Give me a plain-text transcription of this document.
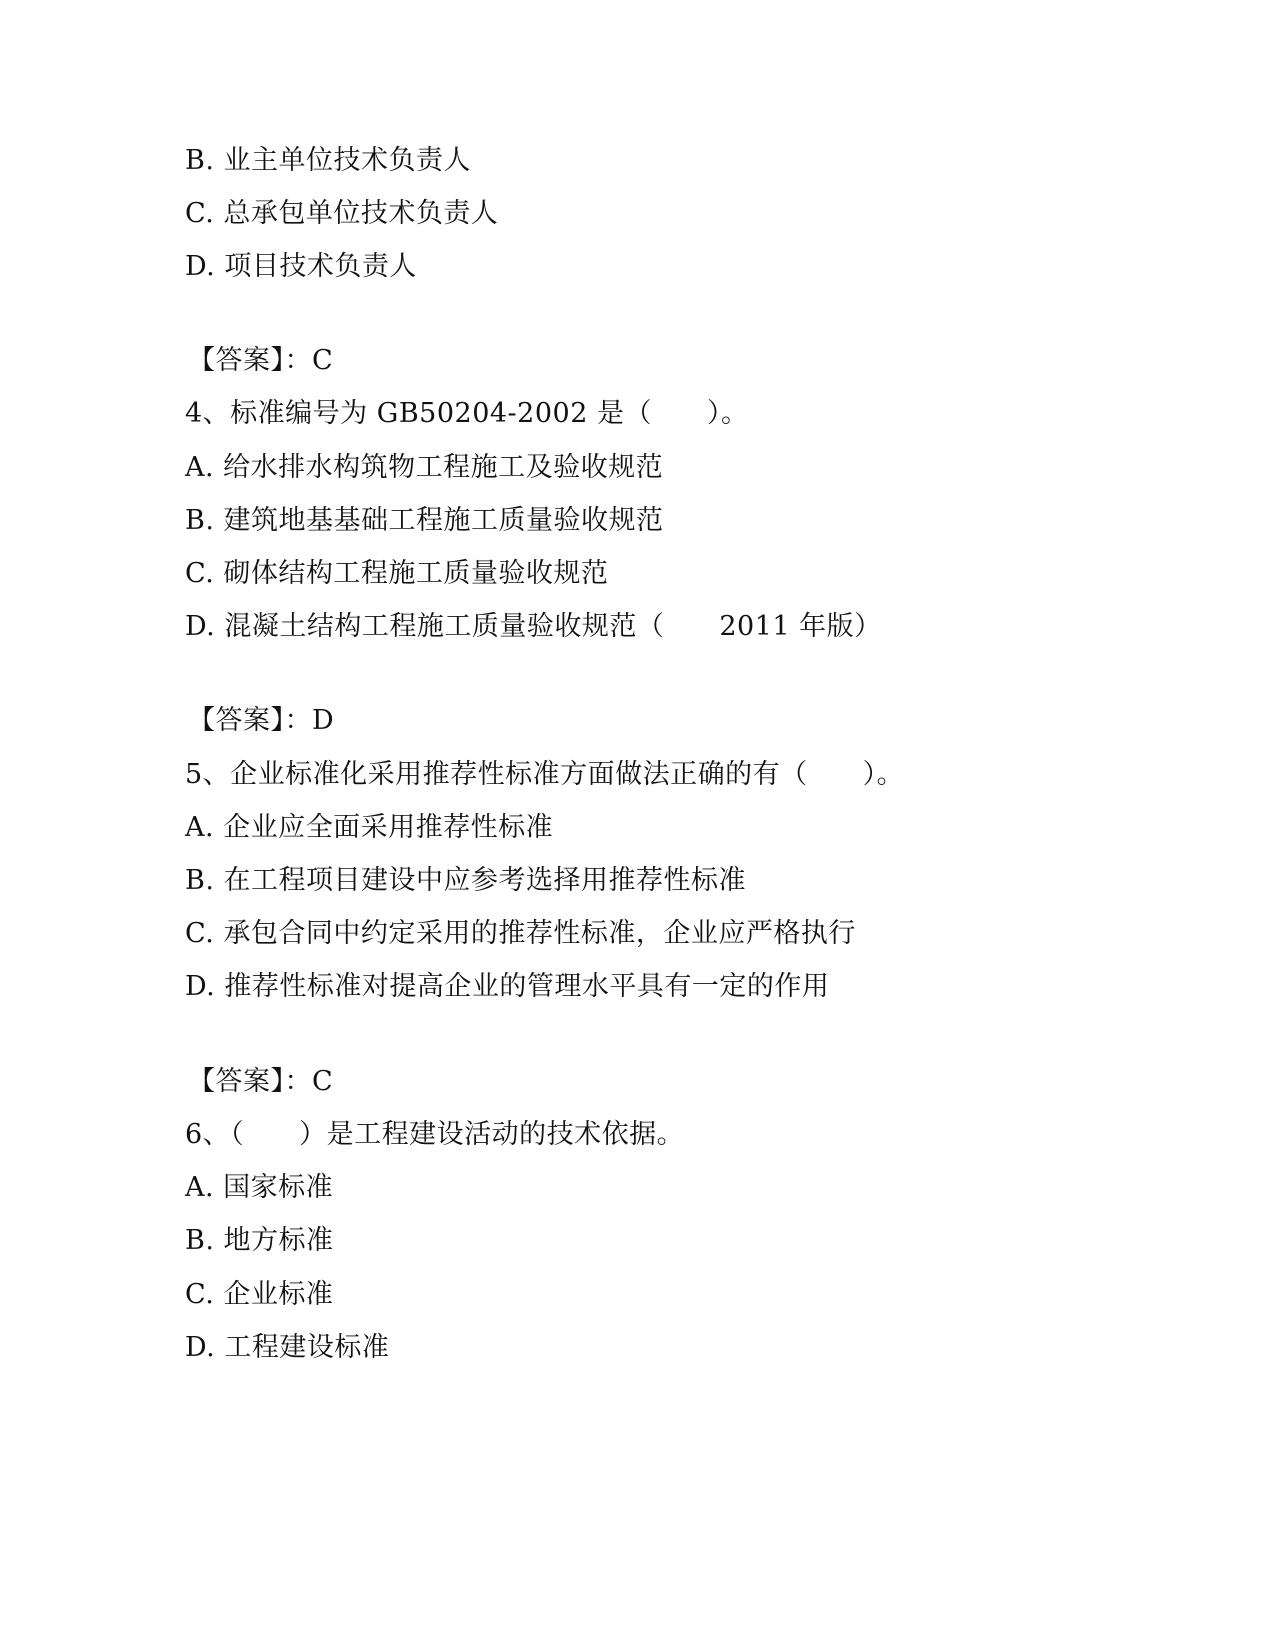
B. 业主单位技术负责人
C. 总承包单位技术负责人
D. 项目技术负责人
【答案】：C
4、标准编号为 GB50204-2002 是（　　）。
A. 给水排水构筑物工程施工及验收规范
B. 建筑地基基础工程施工质量验收规范
C. 砌体结构工程施工质量验收规范
D. 混凝土结构工程施工质量验收规范（　　2011 年版）
【答案】：D
5、企业标准化采用推荐性标准方面做法正确的有（　　）。
A. 企业应全面采用推荐性标准
B. 在工程项目建设中应参考选择用推荐性标准
C. 承包合同中约定采用的推荐性标准，企业应严格执行
D. 推荐性标准对提高企业的管理水平具有一定的作用
【答案】：C
6、（　　）是工程建设活动的技术依据。
A. 国家标准
B. 地方标准
C. 企业标准
D. 工程建设标准
